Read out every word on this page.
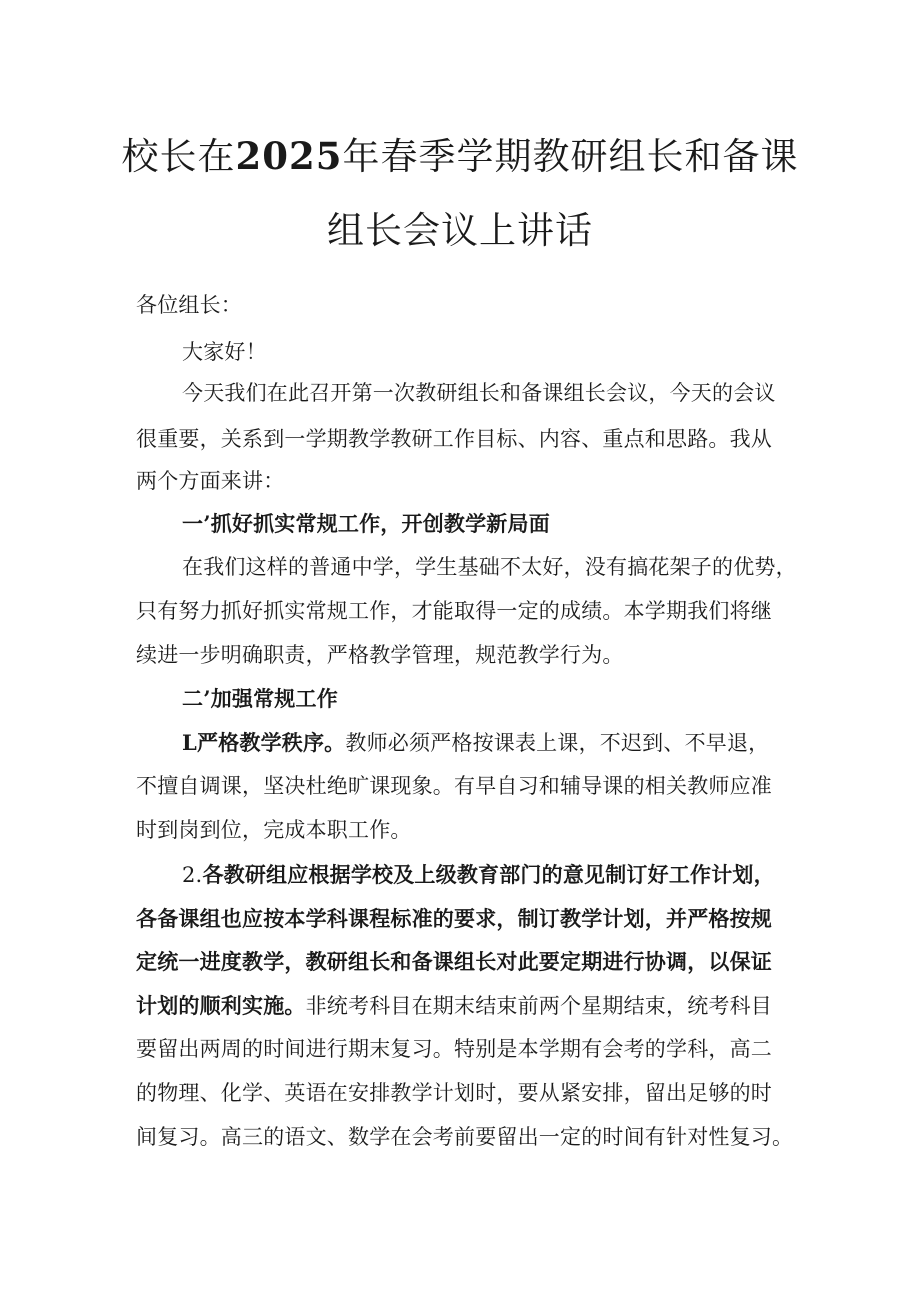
校长在2025年春季学期教研组长和备课
组长会议上讲话
各位组长：
大家好！
今天我们在此召开第一次教研组长和备课组长会议，今天的会议
很重要，关系到一学期教学教研工作目标、内容、重点和思路。我从
两个方面来讲：
一’抓好抓实常规工作，开创教学新局面
在我们这样的普通中学，学生基础不太好，没有搞花架子的优势，
只有努力抓好抓实常规工作，才能取得一定的成绩。本学期我们将继
续进一步明确职责，严格教学管理，规范教学行为。
二’加强常规工作
L严格教学秩序。教师必须严格按课表上课，不迟到、不早退，
不擅自调课，坚决杜绝旷课现象。有早自习和辅导课的相关教师应准
时到岗到位，完成本职工作。
2.各教研组应根据学校及上级教育部门的意见制订好工作计划，
各备课组也应按本学科课程标准的要求，制订教学计划，并严格按规
定统一进度教学，教研组长和备课组长对此要定期进行协调，以保证
计划的顺利实施。非统考科目在期末结束前两个星期结束，统考科目
要留出两周的时间进行期末复习。特别是本学期有会考的学科，高二
的物理、化学、英语在安排教学计划时，要从紧安排，留出足够的时
间复习。高三的语文、数学在会考前要留出一定的时间有针对性复习。
